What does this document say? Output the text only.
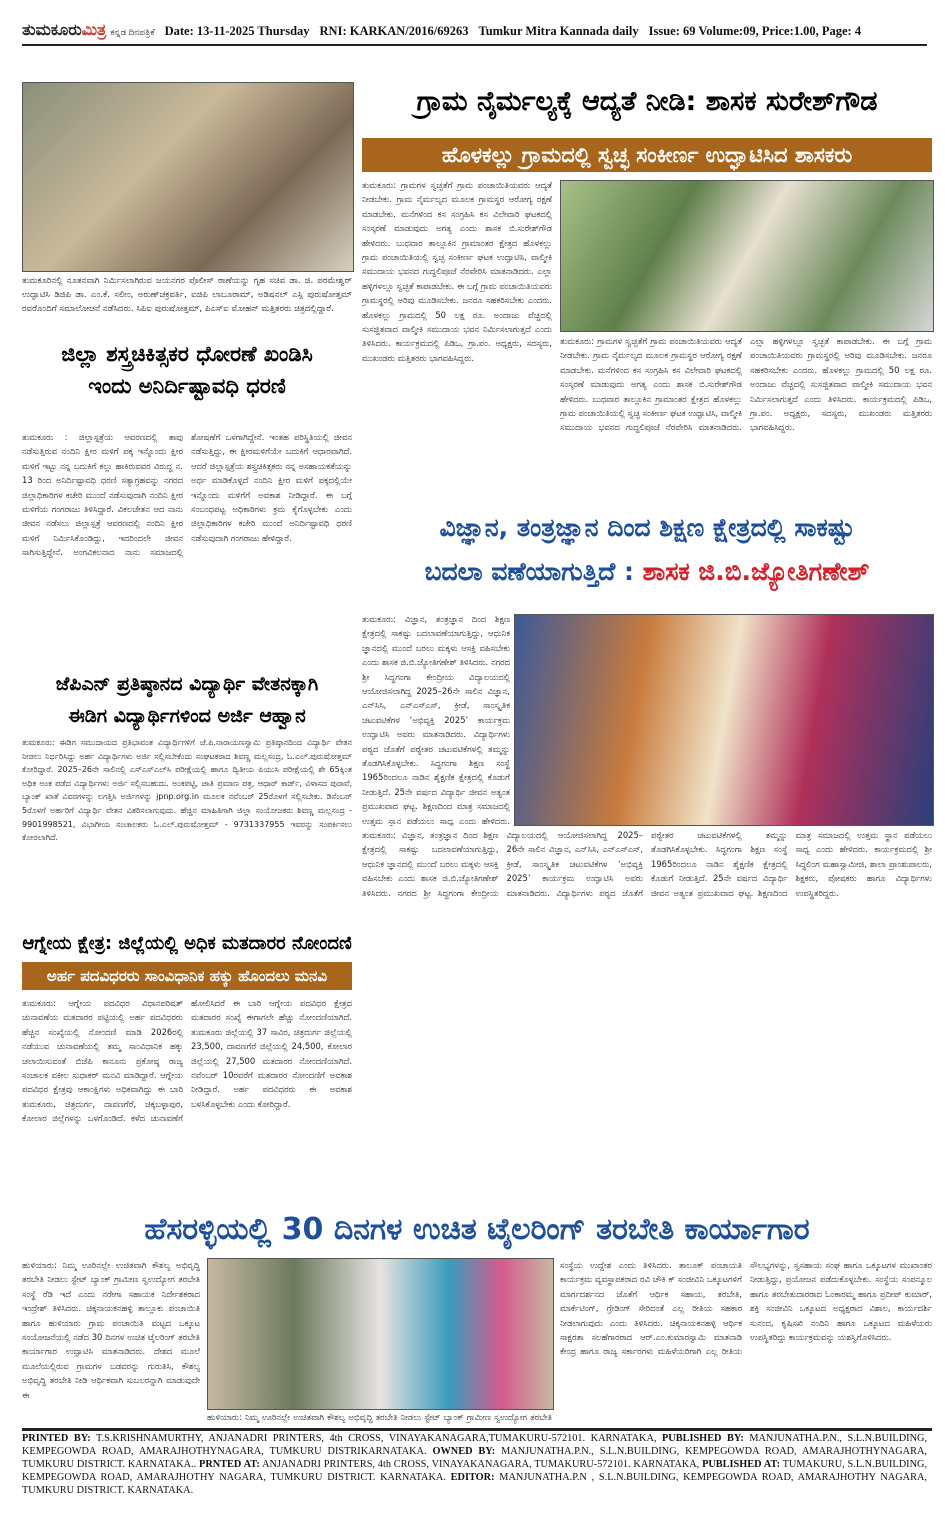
ತುಮಕೂರುಮಿತ್ರ ಕನ್ನಡ ದಿನಪತ್ರಿಕೆ Date: 13-11-2025 Thursday RNI: KARKAN/2016/69263 Tumkur Mitra Kannada daily Issue: 69 Volume:09, Price:1.00, Page: 4
ತುಮಕೂರಿನಲ್ಲಿ ನೂತನವಾಗಿ ನಿರ್ಮಿಸಲಾಗಿರುವ ಜಯನಗರ ಪೊಲೀಸ್ ಠಾಣೆಯನ್ನು ಗೃಹ ಸಚಿವ ಡಾ. ಜಿ. ಪರಮೇಶ್ವರ್ ಉದ್ಘಾಟಿಸಿ ಡಿಜಿಪಿ ಡಾ. ಎಂ.ಕೆ. ಸಲೀಂ, ಅರುಣ್‌ಚಕ್ರವರ್ತಿ, ಐಜಿಪಿ ಲಾಬೂರಾಮ್, ಅಡಿಷನಲ್ ಎಸ್ಪಿ ಪುರುಷೋತ್ತಮ್ ರವರೊಂದಿಗೆ ಸಮಾಲೋಚನೆ ನಡೆಸಿದರು. ಸಿಪಿಐ ಪುರುಷೋತ್ತಮ್, ಪಿಎಸ್‌ಐ ಮೋಹನ್ ಮತ್ತಿತರರು ಚಿತ್ರದಲ್ಲಿದ್ದಾರೆ.
ಗ್ರಾಮ ನೈರ್ಮಲ್ಯಕ್ಕೆ ಆದ್ಯತೆ ನೀಡಿ: ಶಾಸಕ ಸುರೇಶ್‌ಗೌಡ
ಹೊಳಕಲ್ಲು ಗ್ರಾಮದಲ್ಲಿ ಸ್ವಚ್ಛ ಸಂಕೀರ್ಣ ಉದ್ಘಾಟಿಸಿದ ಶಾಸಕರು
ತುಮಕೂರು: ಗ್ರಾಮಗಳ ಸ್ವಚ್ಛತೆಗೆ ಗ್ರಾಮ ಪಂಚಾಯಿತಿಯವರು ಆದ್ಯತೆ ನೀಡಬೇಕು. ಗ್ರಾಮ ನೈರ್ಮಲ್ಯದ ಮೂಲಕ ಗ್ರಾಮಸ್ಥರ ಆರೋಗ್ಯ ರಕ್ಷಣೆ ಮಾಡಬೇಕು. ಮನೆಗಳಿಂದ ಕಸ ಸಂಗ್ರಹಿಸಿ ಕಸ ವಿಲೇವಾರಿ ಘಟಕದಲ್ಲಿ ಸಂಸ್ಕರಣೆ ಮಾಡುವುದು ಅಗತ್ಯ ಎಂದು ಶಾಸಕ ಬಿ.ಸುರೇಶ್‌ಗೌಡ ಹೇಳಿದರು. ಬುಧವಾರ ತಾಲ್ಲೂಕಿನ ಗ್ರಾಮಾಂತರ ಕ್ಷೇತ್ರದ ಹೊಳಕಲ್ಲು ಗ್ರಾಮ ಪಂಚಾಯಿತಿಯಲ್ಲಿ ಸ್ವಚ್ಛ ಸಂಕೀರ್ಣ ಘಟಕ ಉದ್ಘಾಟಿಸಿ, ವಾಲ್ಮೀಕಿ ಸಮುದಾಯ ಭವನದ ಗುದ್ದಲಿಪೂಜೆ ನೆರವೇರಿಸಿ ಮಾತನಾಡಿದರು. ಎಲ್ಲಾ ಹಳ್ಳಿಗಳಲ್ಲೂ ಸ್ವಚ್ಛತೆ ಕಾಪಾಡಬೇಕು. ಈ ಬಗ್ಗೆ ಗ್ರಾಮ ಪಂಚಾಯಿತಿಯವರು ಗ್ರಾಮಸ್ಥರಲ್ಲಿ ಅರಿವು ಮೂಡಿಸಬೇಕು. ಜನರೂ ಸಹಕರಿಸಬೇಕು ಎಂದರು. ಹೊಳಕಲ್ಲು ಗ್ರಾಮದಲ್ಲಿ 50 ಲಕ್ಷ ರೂ. ಅಂದಾಜು ವೆಚ್ಚದಲ್ಲಿ ಸುಸಜ್ಜಿತವಾದ ವಾಲ್ಮೀಕಿ ಸಮುದಾಯ ಭವನ ನಿರ್ಮಿಸಲಾಗುತ್ತದೆ ಎಂದು ತಿಳಿಸಿದರು. ಕಾರ್ಯಕ್ರಮದಲ್ಲಿ ಪಿಡಿಒ, ಗ್ರಾ.ಪಂ. ಅಧ್ಯಕ್ಷರು, ಸದಸ್ಯರು, ಮುಖಂಡರು ಮತ್ತಿತರರು ಭಾಗವಹಿಸಿದ್ದರು.
ತುಮಕೂರು: ಗ್ರಾಮಗಳ ಸ್ವಚ್ಛತೆಗೆ ಗ್ರಾಮ ಪಂಚಾಯಿತಿಯವರು ಆದ್ಯತೆ ನೀಡಬೇಕು. ಗ್ರಾಮ ನೈರ್ಮಲ್ಯದ ಮೂಲಕ ಗ್ರಾಮಸ್ಥರ ಆರೋಗ್ಯ ರಕ್ಷಣೆ ಮಾಡಬೇಕು. ಮನೆಗಳಿಂದ ಕಸ ಸಂಗ್ರಹಿಸಿ ಕಸ ವಿಲೇವಾರಿ ಘಟಕದಲ್ಲಿ ಸಂಸ್ಕರಣೆ ಮಾಡುವುದು ಅಗತ್ಯ ಎಂದು ಶಾಸಕ ಬಿ.ಸುರೇಶ್‌ಗೌಡ ಹೇಳಿದರು. ಬುಧವಾರ ತಾಲ್ಲೂಕಿನ ಗ್ರಾಮಾಂತರ ಕ್ಷೇತ್ರದ ಹೊಳಕಲ್ಲು ಗ್ರಾಮ ಪಂಚಾಯಿತಿಯಲ್ಲಿ ಸ್ವಚ್ಛ ಸಂಕೀರ್ಣ ಘಟಕ ಉದ್ಘಾಟಿಸಿ, ವಾಲ್ಮೀಕಿ ಸಮುದಾಯ ಭವನದ ಗುದ್ದಲಿಪೂಜೆ ನೆರವೇರಿಸಿ ಮಾತನಾಡಿದರು. ಎಲ್ಲಾ ಹಳ್ಳಿಗಳಲ್ಲೂ ಸ್ವಚ್ಛತೆ ಕಾಪಾಡಬೇಕು. ಈ ಬಗ್ಗೆ ಗ್ರಾಮ ಪಂಚಾಯಿತಿಯವರು ಗ್ರಾಮಸ್ಥರಲ್ಲಿ ಅರಿವು ಮೂಡಿಸಬೇಕು. ಜನರೂ ಸಹಕರಿಸಬೇಕು ಎಂದರು. ಹೊಳಕಲ್ಲು ಗ್ರಾಮದಲ್ಲಿ 50 ಲಕ್ಷ ರೂ. ಅಂದಾಜು ವೆಚ್ಚದಲ್ಲಿ ಸುಸಜ್ಜಿತವಾದ ವಾಲ್ಮೀಕಿ ಸಮುದಾಯ ಭವನ ನಿರ್ಮಿಸಲಾಗುತ್ತದೆ ಎಂದು ತಿಳಿಸಿದರು. ಕಾರ್ಯಕ್ರಮದಲ್ಲಿ ಪಿಡಿಒ, ಗ್ರಾ.ಪಂ. ಅಧ್ಯಕ್ಷರು, ಸದಸ್ಯರು, ಮುಖಂಡರು ಮತ್ತಿತರರು ಭಾಗವಹಿಸಿದ್ದರು.
ಜಿಲ್ಲಾ ಶಸ್ತ್ರಚಿಕಿತ್ಸಕರ ಧೋರಣೆ ಖಂಡಿಸಿ
ಇಂದು ಅನಿರ್ದಿಷ್ಟಾವಧಿ ಧರಣಿ
ತುಮಕೂರು : ಜಿಲ್ಲಾಸ್ಪತ್ರೆಯ ಆವರಣದಲ್ಲಿ ತಾವು ನಡೆಸುತ್ತಿರುವ ನಂದಿನಿ ಕ್ಷೀರ ಮಳಿಗೆ ಪಕ್ಕ ಇನ್ನೊಂದು ಕ್ಷೀರ ಮಳಿಗೆ ಇಟ್ಟು ನನ್ನ ಬದುಕಿಗೆ ಕಲ್ಲು ಹಾಕಿರುವವರ ವಿರುದ್ಧ ನ. 13 ರಿಂದ ಅನಿರ್ದಿಷ್ಟಾವಧಿ ಧರಣಿ ಸತ್ಯಾಗ್ರಹವನ್ನು ನಗರದ ಜಿಲ್ಲಾಧಿಕಾರಿಗಳ ಕಚೇರಿ ಮುಂದೆ ನಡೆಸುವುದಾಗಿ ನಂದಿನಿ ಕ್ಷೀರ ಮಳಿಗೆಯ ಗಂಗರಾಜು ತಿಳಿಸಿದ್ದಾರೆ. ವಿಕಲಚೇತನ ಆದ ನಾನು ಜೀವನ ನಡೆಸಲು ಜಿಲ್ಲಾಸ್ಪತ್ರೆ ಆವರಣದಲ್ಲಿ ನಂದಿನಿ ಕ್ಷೀರ ಮಳಿಗೆ ನಿರ್ಮಿಸಿಕೊಂಡಿದ್ದು, ಇದರಿಂದಲೇ ಜೀವನ ಸಾಗಿಸುತ್ತಿದ್ದೇನೆ. ಅಂಗವಿಕಲನಾದ ನಾನು ಸಮಾಜದಲ್ಲಿ ಶೋಷಣೆಗೆ ಒಳಗಾಗಿದ್ದೇನೆ. ಇಂತಹ ಪರಿಸ್ಥಿತಿಯಲ್ಲಿ ಜೀವನ ನಡೆಸುತ್ತಿದ್ದು, ಈ ಕ್ಷೀರಮಳಿಗೆಯೇ ಬದುಕಿಗೆ ಆಧಾರವಾಗಿದೆ. ಆದರೆ ಜಿಲ್ಲಾಸ್ಪತ್ರೆಯ ಶಸ್ತ್ರಚಿಕಿತ್ಸಕರು ನನ್ನ ಅಸಹಾಯಕತೆಯನ್ನು ಅರ್ಥ ಮಾಡಿಕೊಳ್ಳದೆ ನಂದಿನಿ ಕ್ಷೀರ ಮಳಿಗೆ ಪಕ್ಕದಲ್ಲಿಯೇ ಇನ್ನೊಂದು ಮಳಿಗೆಗೆ ಅವಕಾಶ ನೀಡಿದ್ದಾರೆ. ಈ ಬಗ್ಗೆ ಸಂಬಂಧಪಟ್ಟ ಅಧಿಕಾರಿಗಳು ಕ್ರಮ ಕೈಗೊಳ್ಳಬೇಕು ಎಂದು ಜಿಲ್ಲಾಧಿಕಾರಿಗಳ ಕಚೇರಿ ಮುಂದೆ ಅನಿರ್ದಿಷ್ಟಾವಧಿ ಧರಣಿ ನಡೆಸುವುದಾಗಿ ಗಂಗರಾಜು ಹೇಳಿದ್ದಾರೆ.
ಜೆಪಿಎನ್ ಪ್ರತಿಷ್ಠಾನದ ವಿದ್ಯಾರ್ಥಿ ವೇತನಕ್ಕಾಗಿ
ಈಡಿಗ ವಿದ್ಯಾರ್ಥಿಗಳಿಂದ ಅರ್ಜಿ ಆಹ್ವಾನ
ತುಮಕೂರು: ಈಡಿಗ ಸಮುದಾಯದ ಪ್ರತಿಭಾವಂತ ವಿದ್ಯಾರ್ಥಿಗಳಿಗೆ ಜೆ.ಪಿ.ನಾರಾಯಣಸ್ವಾಮಿ ಪ್ರತಿಷ್ಠಾನದಿಂದ ವಿದ್ಯಾರ್ಥಿ ವೇತನ ನೀಡಲು ನಿರ್ಧರಿಸಿದ್ದು ಅರ್ಹ ವಿದ್ಯಾರ್ಥಿಗಳು ಅರ್ಜಿ ಸಲ್ಲಿಸಬೇಕೆಂದು ಸಂಘಟಕರಾದ ಶಿವಣ್ಣ ಮಲ್ಲಸಂದ್ರ, ಓ.ಎಲ್.ಪುರುಷೋತ್ತಮ್ ಕೋರಿದ್ದಾರೆ. 2025–26ನೇ ಸಾಲಿನಲ್ಲಿ ಎಸ್‌ಎಸ್‌ಎಲ್‌ಸಿ ಪರೀಕ್ಷೆಯಲ್ಲಿ ಹಾಗೂ ದ್ವಿತೀಯ ಪಿಯುಸಿ ಪರೀಕ್ಷೆಯಲ್ಲಿ ಶೇ 65ಕ್ಕಿಂತ ಅಧಿಕ ಅಂಕ ಪಡೆದ ವಿದ್ಯಾರ್ಥಿಗಳು ಅರ್ಜಿ ಸಲ್ಲಿಸಬಹುದು. ಅಂಕಪಟ್ಟಿ, ಜಾತಿ ಪ್ರಮಾಣ ಪತ್ರ, ಆಧಾರ್ ಕಾರ್ಡ್, ವಿಳಾಸದ ಪುರಾವೆ, ಬ್ಯಾಂಕ್ ಖಾತೆ ವಿವರಗಳನ್ನು ಲಗತ್ತಿಸಿ ಅರ್ಜಿಗಳನ್ನು jpnp.org.in ಮೂಲಕ ನವೆಂಬರ್ 25ರೊಳಗೆ ಸಲ್ಲಿಸಬೇಕು. ಡಿಸೆಂಬರ್ 5ರೊಳಗೆ ಅರ್ಹರಿಗೆ ವಿದ್ಯಾರ್ಥಿ ವೇತನ ವಿತರಿಸಲಾಗುವುದು. ಹೆಚ್ಚಿನ ಮಾಹಿತಿಗಾಗಿ ಜಿಲ್ಲಾ ಸಂಯೋಜಕರು ಶಿವಣ್ಣ ಮಲ್ಲಸಂದ್ರ - 9901998521, ವಿಭಾಗೀಯ ಸಂಚಾಲಕರು ಓ.ಎಲ್.ಪುರುಷೋತ್ತಮ್ - 9731337955 ಇವರನ್ನು ಸಂಪರ್ಕಿಸಲು ಕೋರಲಾಗಿದೆ.
ಆಗ್ನೇಯ ಕ್ಷೇತ್ರ: ಜಿಲ್ಲೆಯಲ್ಲಿ ಅಧಿಕ ಮತದಾರರ ನೋಂದಣಿ
ಅರ್ಹ ಪದವಿಧರರು ಸಾಂವಿಧಾನಿಕ ಹಕ್ಕು ಹೊಂದಲು ಮನವಿ
ತುಮಕೂರು: ಆಗ್ನೇಯ ಪದವಿಧರ ವಿಧಾನಪರಿಷತ್ ಚುನಾವಣೆಯ ಮತದಾರರ ಪಟ್ಟಿಯಲ್ಲಿ ಅರ್ಹ ಪದವಿಧರರು ಹೆಚ್ಚಿನ ಸಂಖ್ಯೆಯಲ್ಲಿ ನೋಂದಣಿ ಮಾಡಿ 2026ರಲ್ಲಿ ನಡೆಯುವ ಚುನಾವಣೆಯಲ್ಲಿ ತಮ್ಮ ಸಾಂವಿಧಾನಿಕ ಹಕ್ಕು ಚಲಾಯಿಸುವಂತೆ ಬಿಜೆಪಿ ಕಾನೂನು ಪ್ರಕೋಷ್ಠ ರಾಜ್ಯ ಸಂಚಾಲಕ ವಕೀಲ ಸುಧಾಕರ್ ಮನವಿ ಮಾಡಿದ್ದಾರೆ. ಆಗ್ನೇಯ ಪದವಿಧರ ಕ್ಷೇತ್ರವು ಆಕಾಂಕ್ಷಿಗಳು ಅಧಿಕವಾಗಿದ್ದು ಈ ಬಾರಿ ತುಮಕೂರು, ಚಿತ್ರದುರ್ಗ, ದಾವಣಗೆರೆ, ಚಿಕ್ಕಬಳ್ಳಾಪುರ, ಕೋಲಾರ ಜಿಲ್ಲೆಗಳನ್ನು ಒಳಗೊಂಡಿದೆ. ಕಳೆದ ಚುನಾವಣೆಗೆ ಹೋಲಿಸಿದರೆ ಈ ಬಾರಿ ಆಗ್ನೇಯ ಪದವಿಧರ ಕ್ಷೇತ್ರದ ಮತದಾರರ ಸಂಖ್ಯೆ ಈಗಾಗಲೇ ಹೆಚ್ಚು ನೋಂದಣಿಯಾಗಿದೆ. ತುಮಕೂರು ಜಿಲ್ಲೆಯಲ್ಲಿ 37 ಸಾವಿರ, ಚಿತ್ರದುರ್ಗ ಜಿಲ್ಲೆಯಲ್ಲಿ 23,500, ದಾವಣಗೆರೆ ಜಿಲ್ಲೆಯಲ್ಲಿ 24,500, ಕೋಲಾರ ಜಿಲ್ಲೆಯಲ್ಲಿ 27,500 ಮತದಾರರ ನೋಂದಣಿಯಾಗಿದೆ. ನವೆಂಬರ್ 10ರವರೆಗೆ ಮತದಾರರ ನೋಂದಣಿಗೆ ಅವಕಾಶ ನೀಡಿದ್ದಾರೆ. ಅರ್ಹ ಪದವಿಧರರು ಈ ಅವಕಾಶ ಬಳಸಿಕೊಳ್ಳಬೇಕು ಎಂದು ಕೋರಿದ್ದಾರೆ.
ವಿಜ್ಞಾನ, ತಂತ್ರಜ್ಞಾನ ದಿಂದ ಶಿಕ್ಷಣ ಕ್ಷೇತ್ರದಲ್ಲಿ ಸಾಕಷ್ಟು
ಬದಲಾ ವಣೆಯಾಗುತ್ತಿದೆ : ಶಾಸಕ ಜಿ.ಬಿ.ಜ್ಯೋತಿಗಣೇಶ್
ತುಮಕೂರು: ವಿಜ್ಞಾನ, ತಂತ್ರಜ್ಞಾನ ದಿಂದ ಶಿಕ್ಷಣ ಕ್ಷೇತ್ರದಲ್ಲಿ ಸಾಕಷ್ಟು ಬದಲಾವಣೆಯಾಗುತ್ತಿದ್ದು, ಆಧುನಿಕ ಜ್ಞಾನದಲ್ಲಿ ಮುಂದೆ ಬರಲು ಮಕ್ಕಳು ಆಸಕ್ತಿ ವಹಿಸಬೇಕು ಎಂದು ಶಾಸಕ ಜಿ.ಬಿ.ಜ್ಯೋತಿಗಣೇಶ್ ತಿಳಿಸಿದರು. ನಗರದ ಶ್ರೀ ಸಿದ್ಧಗಂಗಾ ಕೇಂದ್ರೀಯ ವಿದ್ಯಾಲಯದಲ್ಲಿ ಆಯೋಜಿಸಲಾಗಿದ್ದ 2025–26ನೇ ಸಾಲಿನ ವಿಜ್ಞಾನ, ಎನ್‌ಸಿಸಿ, ಎನ್‌ಎಸ್‌ಎಸ್, ಕ್ರೀಡೆ, ಸಾಂಸ್ಕೃತಿಕ ಚಟುವಟಿಕೆಗಳ ‘ಅಭಿವ್ಯಕ್ತಿ 2025’ ಕಾರ್ಯಕ್ರಮ ಉದ್ಘಾಟಿಸಿ ಅವರು ಮಾತನಾಡಿದರು. ವಿದ್ಯಾರ್ಥಿಗಳು ಪಠ್ಯದ ಜೊತೆಗೆ ಪಠ್ಯೇತರ ಚಟುವಟಿಕೆಗಳಲ್ಲಿ ತಮ್ಮನ್ನು ತೊಡಗಿಸಿಕೊಳ್ಳಬೇಕು. ಸಿದ್ಧಗಂಗಾ ಶಿಕ್ಷಣ ಸಂಸ್ಥೆ 1965ರಿಂದಲೂ ನಾಡಿನ ಶೈಕ್ಷಣಿಕ ಕ್ಷೇತ್ರದಲ್ಲಿ ಕೊಡುಗೆ ನೀಡುತ್ತಿದೆ. 25ನೇ ವರ್ಷದ ವಿದ್ಯಾರ್ಥಿ ಜೀವನ ಅತ್ಯಂತ ಪ್ರಮುಖವಾದ ಘಟ್ಟ. ಶಿಕ್ಷಣದಿಂದ ಮಾತ್ರ ಸಮಾಜದಲ್ಲಿ ಉತ್ತಮ ಸ್ಥಾನ ಪಡೆಯಲು ಸಾಧ್ಯ ಎಂದು ಹೇಳಿದರು.
ತುಮಕೂರು: ವಿಜ್ಞಾನ, ತಂತ್ರಜ್ಞಾನ ದಿಂದ ಶಿಕ್ಷಣ ಕ್ಷೇತ್ರದಲ್ಲಿ ಸಾಕಷ್ಟು ಬದಲಾವಣೆಯಾಗುತ್ತಿದ್ದು, ಆಧುನಿಕ ಜ್ಞಾನದಲ್ಲಿ ಮುಂದೆ ಬರಲು ಮಕ್ಕಳು ಆಸಕ್ತಿ ವಹಿಸಬೇಕು ಎಂದು ಶಾಸಕ ಜಿ.ಬಿ.ಜ್ಯೋತಿಗಣೇಶ್ ತಿಳಿಸಿದರು. ನಗರದ ಶ್ರೀ ಸಿದ್ಧಗಂಗಾ ಕೇಂದ್ರೀಯ ವಿದ್ಯಾಲಯದಲ್ಲಿ ಆಯೋಜಿಸಲಾಗಿದ್ದ 2025–26ನೇ ಸಾಲಿನ ವಿಜ್ಞಾನ, ಎನ್‌ಸಿಸಿ, ಎನ್‌ಎಸ್‌ಎಸ್, ಕ್ರೀಡೆ, ಸಾಂಸ್ಕೃತಿಕ ಚಟುವಟಿಕೆಗಳ ‘ಅಭಿವ್ಯಕ್ತಿ 2025’ ಕಾರ್ಯಕ್ರಮ ಉದ್ಘಾಟಿಸಿ ಅವರು ಮಾತನಾಡಿದರು. ವಿದ್ಯಾರ್ಥಿಗಳು ಪಠ್ಯದ ಜೊತೆಗೆ ಪಠ್ಯೇತರ ಚಟುವಟಿಕೆಗಳಲ್ಲಿ ತಮ್ಮನ್ನು ತೊಡಗಿಸಿಕೊಳ್ಳಬೇಕು. ಸಿದ್ಧಗಂಗಾ ಶಿಕ್ಷಣ ಸಂಸ್ಥೆ 1965ರಿಂದಲೂ ನಾಡಿನ ಶೈಕ್ಷಣಿಕ ಕ್ಷೇತ್ರದಲ್ಲಿ ಕೊಡುಗೆ ನೀಡುತ್ತಿದೆ. 25ನೇ ವರ್ಷದ ವಿದ್ಯಾರ್ಥಿ ಜೀವನ ಅತ್ಯಂತ ಪ್ರಮುಖವಾದ ಘಟ್ಟ. ಶಿಕ್ಷಣದಿಂದ ಮಾತ್ರ ಸಮಾಜದಲ್ಲಿ ಉತ್ತಮ ಸ್ಥಾನ ಪಡೆಯಲು ಸಾಧ್ಯ ಎಂದು ಹೇಳಿದರು. ಕಾರ್ಯಕ್ರಮದಲ್ಲಿ ಶ್ರೀ ಸಿದ್ಧಲಿಂಗ ಮಹಾಸ್ವಾಮೀಜಿ, ಶಾಲಾ ಪ್ರಾಂಶುಪಾಲರು, ಶಿಕ್ಷಕರು, ಪೋಷಕರು ಹಾಗೂ ವಿದ್ಯಾರ್ಥಿಗಳು ಉಪಸ್ಥಿತರಿದ್ದರು.
ಹೆಸರಳ್ಳಿಯಲ್ಲಿ 30 ದಿನಗಳ ಉಚಿತ ಟೈಲರಿಂಗ್ ತರಬೇತಿ ಕಾರ್ಯಾಗಾರ
ಹುಳಿಯಾರು: ನಿಮ್ಮ ಊರಿನಲ್ಲೇ ಉಚಿತವಾಗಿ ಕೌಶಲ್ಯ ಅಭಿವೃದ್ಧಿ ತರಬೇತಿ ನೀಡಲು ಸ್ಟೇಟ್ ಬ್ಯಾಂಕ್ ಗ್ರಾಮೀಣ ಸ್ವಉದ್ಯೋಗ ತರಬೇತಿ ಸಂಸ್ಥೆ ರೆಡಿ ಇದೆ ಎಂದು ನರೇಗಾ ಸಹಾಯಕ ನಿರ್ದೇಶಕರಾದ ಇಂದ್ರೇಶ್ ತಿಳಿಸಿದರು. ಚಿಕ್ಕನಾಯಕನಹಳ್ಳಿ ತಾಲ್ಲೂಕು ಪಂಚಾಯಿತಿ ಹಾಗೂ ಹುಳಿಯಾರು ಗ್ರಾಮ ಪಂಚಾಯಿತಿ ಮಟ್ಟದ ಒಕ್ಕೂಟ ಸಂಯೋಜನೆಯಲ್ಲಿ ನಡೆದ 30 ದಿನಗಳ ಉಚಿತ ಟೈಲರಿಂಗ್ ತರಬೇತಿ ಕಾರ್ಯಾಗಾರ ಉದ್ಘಾಟಿಸಿ ಮಾತನಾಡಿದರು. ದೇಶದ ಮೂಲೆ ಮೂಲೆಯಲ್ಲಿರುವ ಗ್ರಾಮಗಳ ಬಡವರನ್ನು ಗುರುತಿಸಿ, ಕೌಶಲ್ಯ ಅಭಿವೃದ್ಧಿ ತರಬೇತಿ ನೀಡಿ ಆರ್ಥಿಕವಾಗಿ ಸುಬಲರನ್ನಾಗಿ ಮಾಡುವುದೇ ಈ
ಹುಳಿಯಾರು: ನಿಮ್ಮ ಊರಿನಲ್ಲೇ ಉಚಿತವಾಗಿ ಕೌಶಲ್ಯ ಅಭಿವೃದ್ಧಿ ತರಬೇತಿ ನೀಡಲು ಸ್ಟೇಟ್ ಬ್ಯಾಂಕ್ ಗ್ರಾಮೀಣ ಸ್ವಉದ್ಯೋಗ ತರಬೇತಿ
ಸಂಸ್ಥೆಯ ಉದ್ದೇಶ ಎಂದು ತಿಳಿಸಿದರು. ತಾಲೂಕ್ ಪಂಚಾಯತಿ ಕಾರ್ಯಕ್ರಮ ವ್ಯವಸ್ಥಾಪಕರಾದ ರವಿ ಚೌಕಿ ಕ್ ಸಂಜೀವಿನಿ ಒಕ್ಕೂಟಗಳಿಗೆ ಮಾರ್ಗದರ್ಶನದ ಜೊತೆಗೆ ಆರ್ಥಿಕ ಸಹಾಯ, ತರಬೇತಿ, ಮಾರ್ಕೆಟಿಂಗ್, ಗ್ರೇಡಿಂಗ್ ಸೇರಿದಂತೆ ಎಲ್ಲ ರೀತಿಯ ಸಹಕಾರ ನೀಡಲಾಗುವುದು ಎಂದು ತಿಳಿಸಿದರು. ಚಿಕ್ಕನಾಯಕನಹಳ್ಳಿ ಆರ್ಥಿಕ ಸಾಕ್ಷರತಾ ಸಲಹೆಗಾರರಾದ ಆರ್.ಎಂ.ಕುಮಾರಸ್ವಾಮಿ ಮಾತನಾಡಿ ಕೇಂದ್ರ ಹಾಗೂ ರಾಜ್ಯ ಸರ್ಕಾರಗಳು ಮಹಿಳೆಯರಿಗಾಗಿ ಎಲ್ಲ ರೀತಿಯ ಸೌಲಭ್ಯಗಳನ್ನು, ಸ್ವಸಹಾಯ ಸಂಘ ಹಾಗೂ ಒಕ್ಕೂಟಗಳ ಮುಖಾಂತರ ನೀಡುತ್ತಿದ್ದು, ಪ್ರಯೋಜನ ಪಡೆದುಕೊಳ್ಳಬೇಕು. ಸಂಸ್ಥೆಯ ಸಂಪನ್ಮೂಲ ಹಾಗೂ ತರಬೇತುದಾರರಾದ ಓಂಕಾರಮ್ಮ ಹಾಗೂ ಪ್ರದೀಪ್ ಕುಮಾರ್, ಶಕ್ತಿ ಸಂಜೀವಿನಿ ಒಕ್ಕೂಟದ ಅಧ್ಯಕ್ಷರಾದ ವಿಶಾಲ, ಕಾರ್ಯದರ್ಶಿ ಸುನಂದ, ಕೃಷಿಸಖಿ ನಂದಿನಿ ಹಾಗೂ ಒಕ್ಕೂಟದ ಮಹಿಳೆಯರು ಉಪಸ್ಥಿತರಿದ್ದು ಕಾರ್ಯಕ್ರಮವನ್ನು ಯಶಸ್ವಿಗೊಳಿಸಿದರು.
PRINTED BY: T.S.KRISHNAMURTHY, ANJANADRI PRINTERS, 4th CROSS, VINAYAKANAGARA,TUMAKURU-572101. KARNATAKA, PUBLISHED BY: MANJUNATHA.P.N., S.L.N.BUILDING, KEMPEGOWDA ROAD, AMARAJHOTHYNAGARA, TUMKURU DISTRIKARNATAKA. OWNED BY: MANJUNATHA.P.N., S.L.N.BUILDING, KEMPEGOWDA ROAD, AMARAJHOTHYNAGARA, TUMKURU DISTRICT. KARNATAKA.. PRNTED AT: ANJANADRI PRINTERS, 4th CROSS, VINAYAKANAGARA, TUMAKURU-572101. KARNATAKA, PUBLISHED AT: TUMAKURU, S.L.N.BUILDING, KEMPEGOWDA ROAD, AMARAJHOTHY NAGARA, TUMKURU DISTRICT. KARNATAKA. EDITOR: MANJUNATHA.P.N , S.L.N.BUILDING, KEMPEGOWDA ROAD, AMARAJHOTHY NAGARA, TUMKURU DISTRICT. KARNATAKA.
